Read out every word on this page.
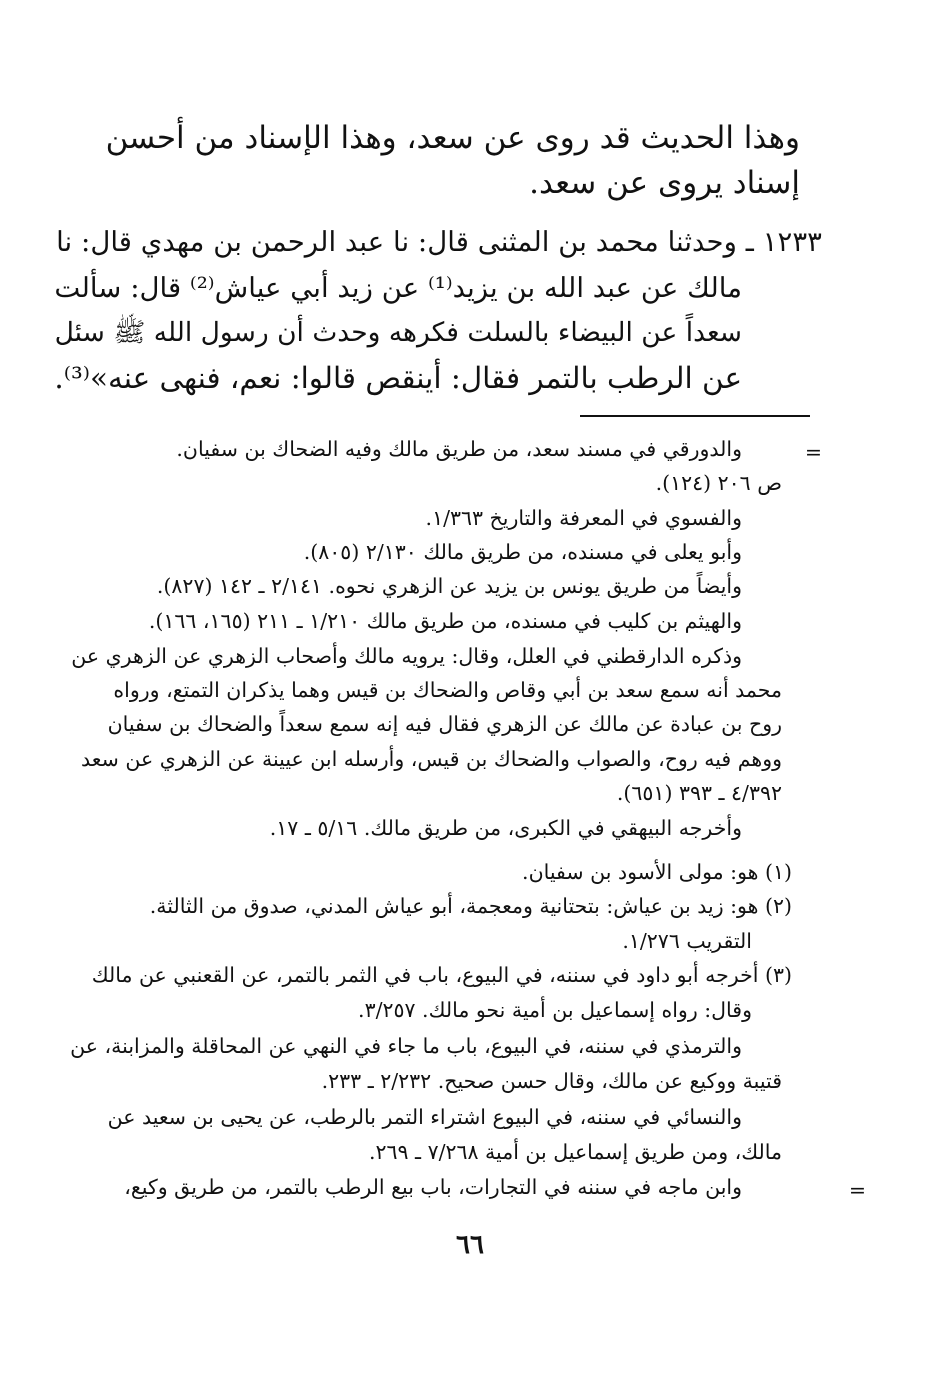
وهذا الحديث قد روى عن سعد، وهذا الإسناد من أحسن
إسناد يروى عن سعد.
١٢٣٣ ـ وحدثنا محمد بن المثنى قال: نا عبد الرحمن بن مهدي قال: نا
مالك عن عبد الله بن يزيد⁽¹⁾ عن زيد أبي عياش⁽²⁾ قال: سألت
سعداً عن البيضاء بالسلت فكرهه وحدث أن رسول الله ﷺ سئل
عن الرطب بالتمر فقال: أينقص قالوا: نعم، فنهى عنه»⁽³⁾.
=
والدورقي في مسند سعد، من طريق مالك وفيه الضحاك بن سفيان.
ص ٢٠٦ (١٢٤).
والفسوي في المعرفة والتاريخ ١/٣٦٣.
وأبو يعلى في مسنده، من طريق مالك ٢/١٣٠ (٨٠٥).
وأيضاً من طريق يونس بن يزيد عن الزهري نحوه. ٢/١٤١ ـ ١٤٢ (٨٢٧).
والهيثم بن كليب في مسنده، من طريق مالك ١/٢١٠ ـ ٢١١ (١٦٥، ١٦٦).
وذكره الدارقطني في العلل، وقال: يرويه مالك وأصحاب الزهري عن الزهري عن
محمد أنه سمع سعد بن أبي وقاص والضحاك بن قيس وهما يذكران التمتع، ورواه
روح بن عبادة عن مالك عن الزهري فقال فيه إنه سمع سعداً والضحاك بن سفيان
ووهم فيه روح، والصواب والضحاك بن قيس، وأرسله ابن عيينة عن الزهري عن سعد
٤/٣٩٢ ـ ٣٩٣ (٦٥١).
وأخرجه البيهقي في الكبرى، من طريق مالك. ٥/١٦ ـ ١٧.
(١) هو: مولى الأسود بن سفيان.
(٢) هو: زيد بن عياش: بتحتانية ومعجمة، أبو عياش المدني، صدوق من الثالثة.
التقريب ١/٢٧٦.
(٣) أخرجه أبو داود في سننه، في البيوع، باب في الثمر بالتمر، عن القعنبي عن مالك
وقال: رواه إسماعيل بن أمية نحو مالك. ٣/٢٥٧.
والترمذي في سننه، في البيوع، باب ما جاء في النهي عن المحاقلة والمزابنة، عن
قتيبة ووكيع عن مالك، وقال حسن صحيح. ٢/٢٣٢ ـ ٢٣٣.
والنسائي في سننه، في البيوع اشتراء التمر بالرطب، عن يحيى بن سعيد عن
مالك، ومن طريق إسماعيل بن أمية ٧/٢٦٨ ـ ٢٦٩.
وابن ماجه في سننه في التجارات، باب بيع الرطب بالتمر، من طريق وكيع،	=
٦٦
